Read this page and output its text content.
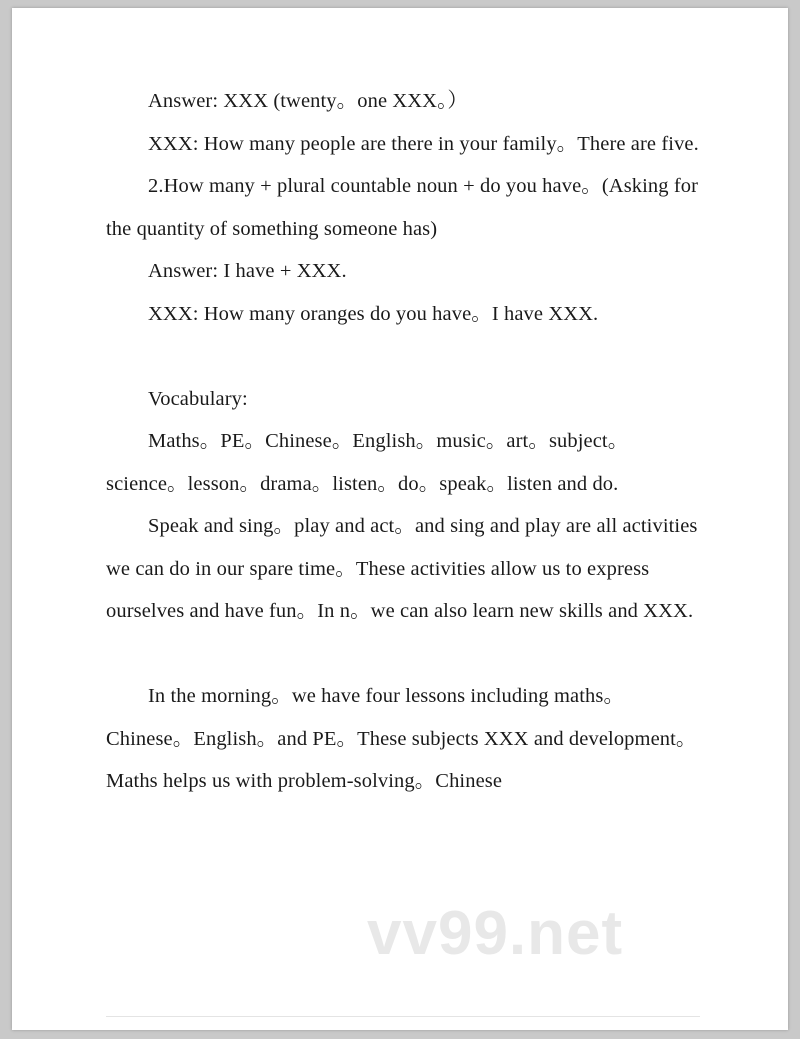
Answer: XXX (twenty。one XXX。）

XXX: How many people are there in your family。There are five.

2.How many + plural countable noun + do you have。(Asking for the quantity of something someone has)

Answer: I have + XXX.

XXX: How many oranges do you have。I have XXX.

Vocabulary:

Maths。PE。Chinese。English。music。art。subject。science。lesson。drama。listen。do。speak。listen and do.

Speak and sing。play and act。and sing and play are all activities we can do in our spare time。These activities allow us to express ourselves and have fun。In n。we can also learn new skills and XXX.

In the morning。we have four lessons including maths。Chinese。English。and PE。These subjects XXX and development。Maths helps us with problem-solving。Chinese

vv99.net
